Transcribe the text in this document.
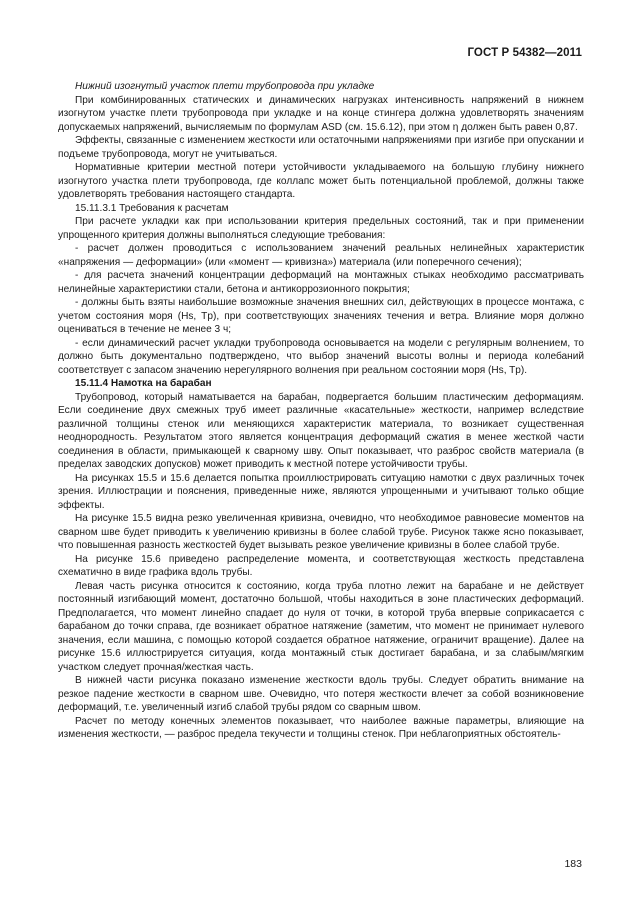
ГОСТ Р 54382—2011

Нижний изогнутый участок плети трубопровода при укладке

При комбинированных статических и динамических нагрузках интенсивность напряжений в нижнем изогнутом участке плети трубопровода при укладке и на конце стингера должна удовлетворять значениям допускаемых напряжений, вычисляемым по формулам ASD (см. 15.6.12), при этом η должен быть равен 0,87.

Эффекты, связанные с изменением жесткости или остаточными напряжениями при изгибе при опускании и подъеме трубопровода, могут не учитываться.

Нормативные критерии местной потери устойчивости укладываемого на большую глубину нижнего изогнутого участка плети трубопровода, где коллапс может быть потенциальной проблемой, должны также удовлетворять требования настоящего стандарта.

15.11.3.1 Требования к расчетам

При расчете укладки как при использовании критерия предельных состояний, так и при применении упрощенного критерия должны выполняться следующие требования:

- расчет должен проводиться с использованием значений реальных нелинейных характеристик «напряжения — деформации» (или «момент — кривизна») материала (или поперечного сечения);

- для расчета значений концентрации деформаций на монтажных стыках необходимо рассматривать нелинейные характеристики стали, бетона и антикоррозионного покрытия;

- должны быть взяты наибольшие возможные значения внешних сил, действующих в процессе монтажа, с учетом состояния моря (Hs, Tp), при соответствующих значениях течения и ветра. Влияние моря должно оцениваться в течение не менее 3 ч;

- если динамический расчет укладки трубопровода основывается на модели с регулярным волнением, то должно быть документально подтверждено, что выбор значений высоты волны и периода колебаний соответствует с запасом значению нерегулярного волнения при реальном состоянии моря (Hs, Tp).

15.11.4 Намотка на барабан

Трубопровод, который наматывается на барабан, подвергается большим пластическим деформациям. Если соединение двух смежных труб имеет различные «касательные» жесткости, например вследствие различной толщины стенок или меняющихся характеристик материала, то возникает существенная неоднородность. Результатом этого является концентрация деформаций сжатия в менее жесткой части соединения в области, примыкающей к сварному шву. Опыт показывает, что разброс свойств материала (в пределах заводских допусков) может приводить к местной потере устойчивости трубы.

На рисунках 15.5 и 15.6 делается попытка проиллюстрировать ситуацию намотки с двух различных точек зрения. Иллюстрации и пояснения, приведенные ниже, являются упрощенными и учитывают только общие эффекты.

На рисунке 15.5 видна резко увеличенная кривизна, очевидно, что необходимое равновесие моментов на сварном шве будет приводить к увеличению кривизны в более слабой трубе. Рисунок также ясно показывает, что повышенная разность жесткостей будет вызывать резкое увеличение кривизны в более слабой трубе.

На рисунке 15.6 приведено распределение момента, и соответствующая жесткость представлена схематично в виде графика вдоль трубы.

Левая часть рисунка относится к состоянию, когда труба плотно лежит на барабане и не действует постоянный изгибающий момент, достаточно большой, чтобы находиться в зоне пластических деформаций. Предполагается, что момент линейно спадает до нуля от точки, в которой труба впервые соприкасается с барабаном до точки справа, где возникает обратное натяжение (заметим, что момент не принимает нулевого значения, если машина, с помощью которой создается обратное натяжение, ограничит вращение). Далее на рисунке 15.6 иллюстрируется ситуация, когда монтажный стык достигает барабана, и за слабым/мягким участком следует прочная/жесткая часть.

В нижней части рисунка показано изменение жесткости вдоль трубы. Следует обратить внимание на резкое падение жесткости в сварном шве. Очевидно, что потеря жесткости влечет за собой возникновение деформаций, т.е. увеличенный изгиб слабой трубы рядом со сварным швом.

Расчет по методу конечных элементов показывает, что наиболее важные параметры, влияющие на изменения жесткости, — разброс предела текучести и толщины стенок. При неблагоприятных обстоятель-

183
